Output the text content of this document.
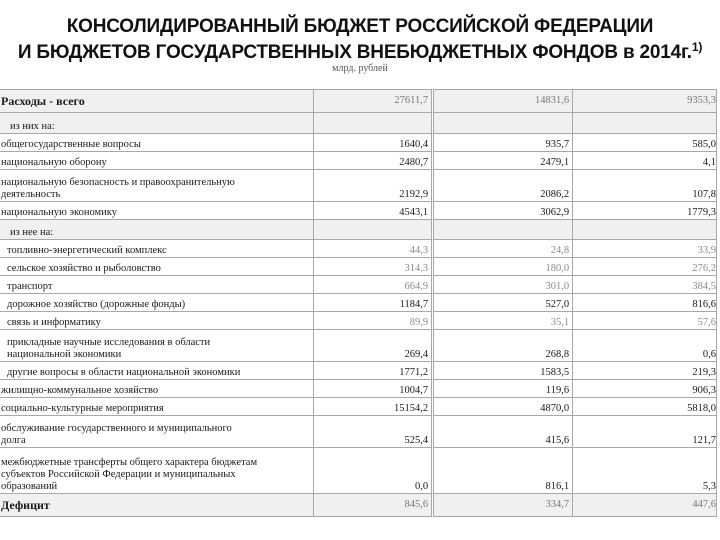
КОНСОЛИДИРОВАННЫЙ БЮДЖЕТ РОССИЙСКОЙ ФЕДЕРАЦИИ
И БЮДЖЕТОВ ГОСУДАРСТВЕННЫХ ВНЕБЮДЖЕТНЫХ ФОНДОВ в 2014г.$^{1)}$
млрд. рублей
Расходы - всего	27611,7		14831,6	9353,3
из них на:				
общегосударственные вопросы	1640,4		935,7	585,0
национальную оборону	2480,7		2479,1	4,1
национальную безопасность и правоохранительную
деятельность	2192,9		2086,2	107,8
национальную экономику	4543,1		3062,9	1779,3
из нее на:				
топливно-энергетический комплекс	44,3		24,8	33,9
сельское хозяйство и рыболовство	314,3		180,0	276,2
транспорт	664,9		301,0	384,5
дорожное хозяйство (дорожные фонды)	1184,7		527,0	816,6
связь и информатику	89,9		35,1	57,6
прикладные научные исследования в области
национальной экономики	269,4		268,8	0,6
другие вопросы в области национальной экономики	1771,2		1583,5	219,3
жилищно-коммунальное хозяйство	1004,7		119,6	906,3
социально-культурные мероприятия	15154,2		4870,0	5818,0
обслуживание государственного и муниципального
долга	525,4		415,6	121,7
межбюджетные трансферты общего характера бюджетам
субъектов Российской Федерации и муниципальных
образований	0,0		816,1	5,3
Дефицит	845,6		334,7	447,6
